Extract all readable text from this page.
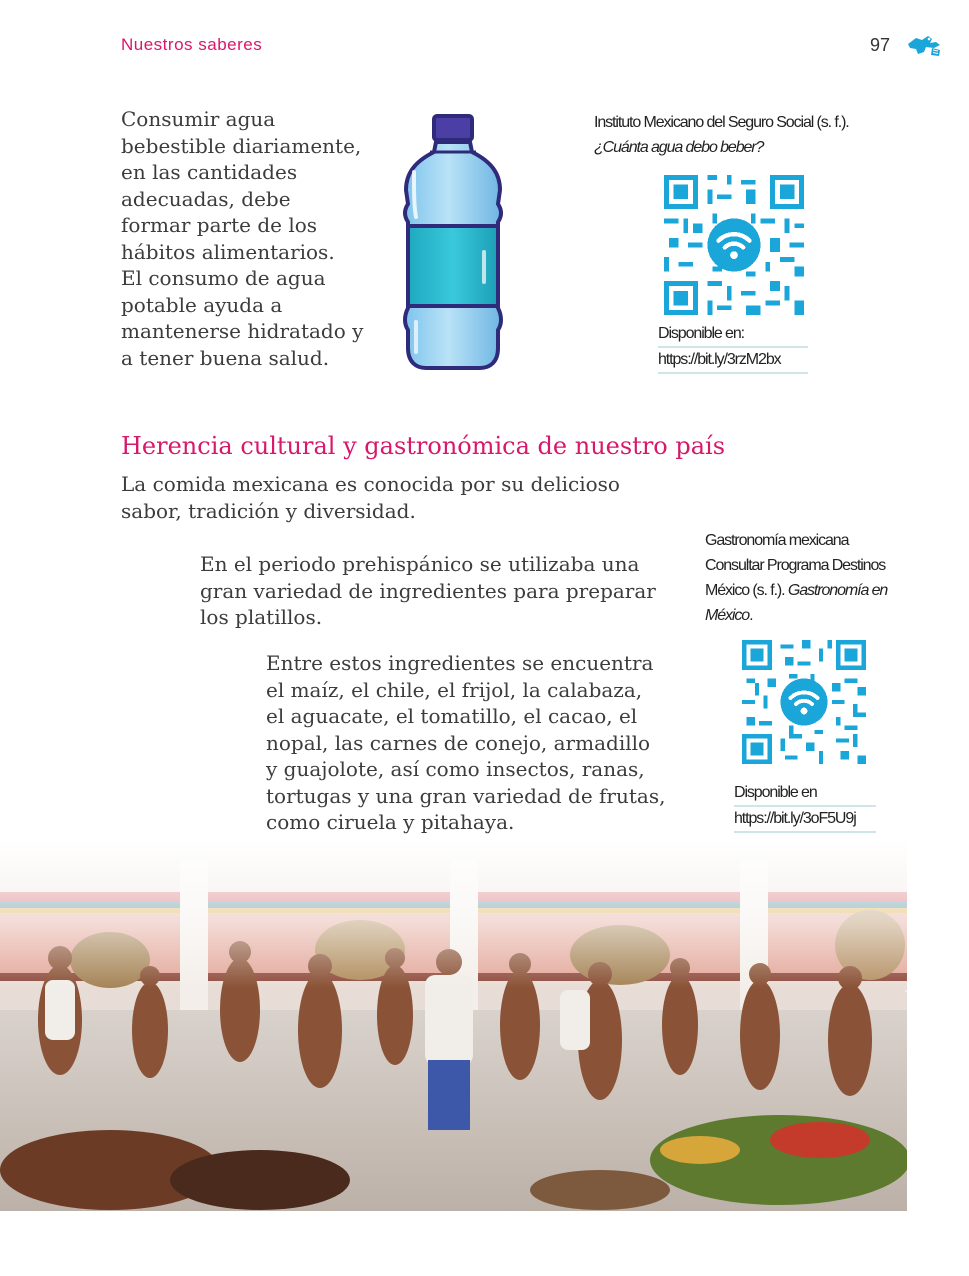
Nuestros saberes	97

Consumir agua
bebestible diariamente,
en las cantidades
adecuadas, debe
formar parte de los
hábitos alimentarios.
El consumo de agua
potable ayuda a
mantenerse hidratado y
a tener buena salud.

Instituto Mexicano del Seguro Social (s. f.).
¿Cuánta agua debo beber?
Disponible en:
https://bit.ly/3rzM2bx
Herencia cultural y gastronómica de nuestro país

La comida mexicana es conocida por su delicioso
sabor, tradición y diversidad.

En el periodo prehispánico se utilizaba una
gran variedad de ingredientes para preparar
los platillos.

Entre estos ingredientes se encuentra
el maíz, el chile, el frijol, la calabaza,
el aguacate, el tomatillo, el cacao, el
nopal, las carnes de conejo, armadillo
y guajolote, así como insectos, ranas,
tortugas y una gran variedad de frutas,
como ciruela y pitahaya.

Gastronomía mexicana
Consultar Programa Destinos
México (s. f.). Gastronomía en
México.
Disponible en
https://bit.ly/3oF5U9j
